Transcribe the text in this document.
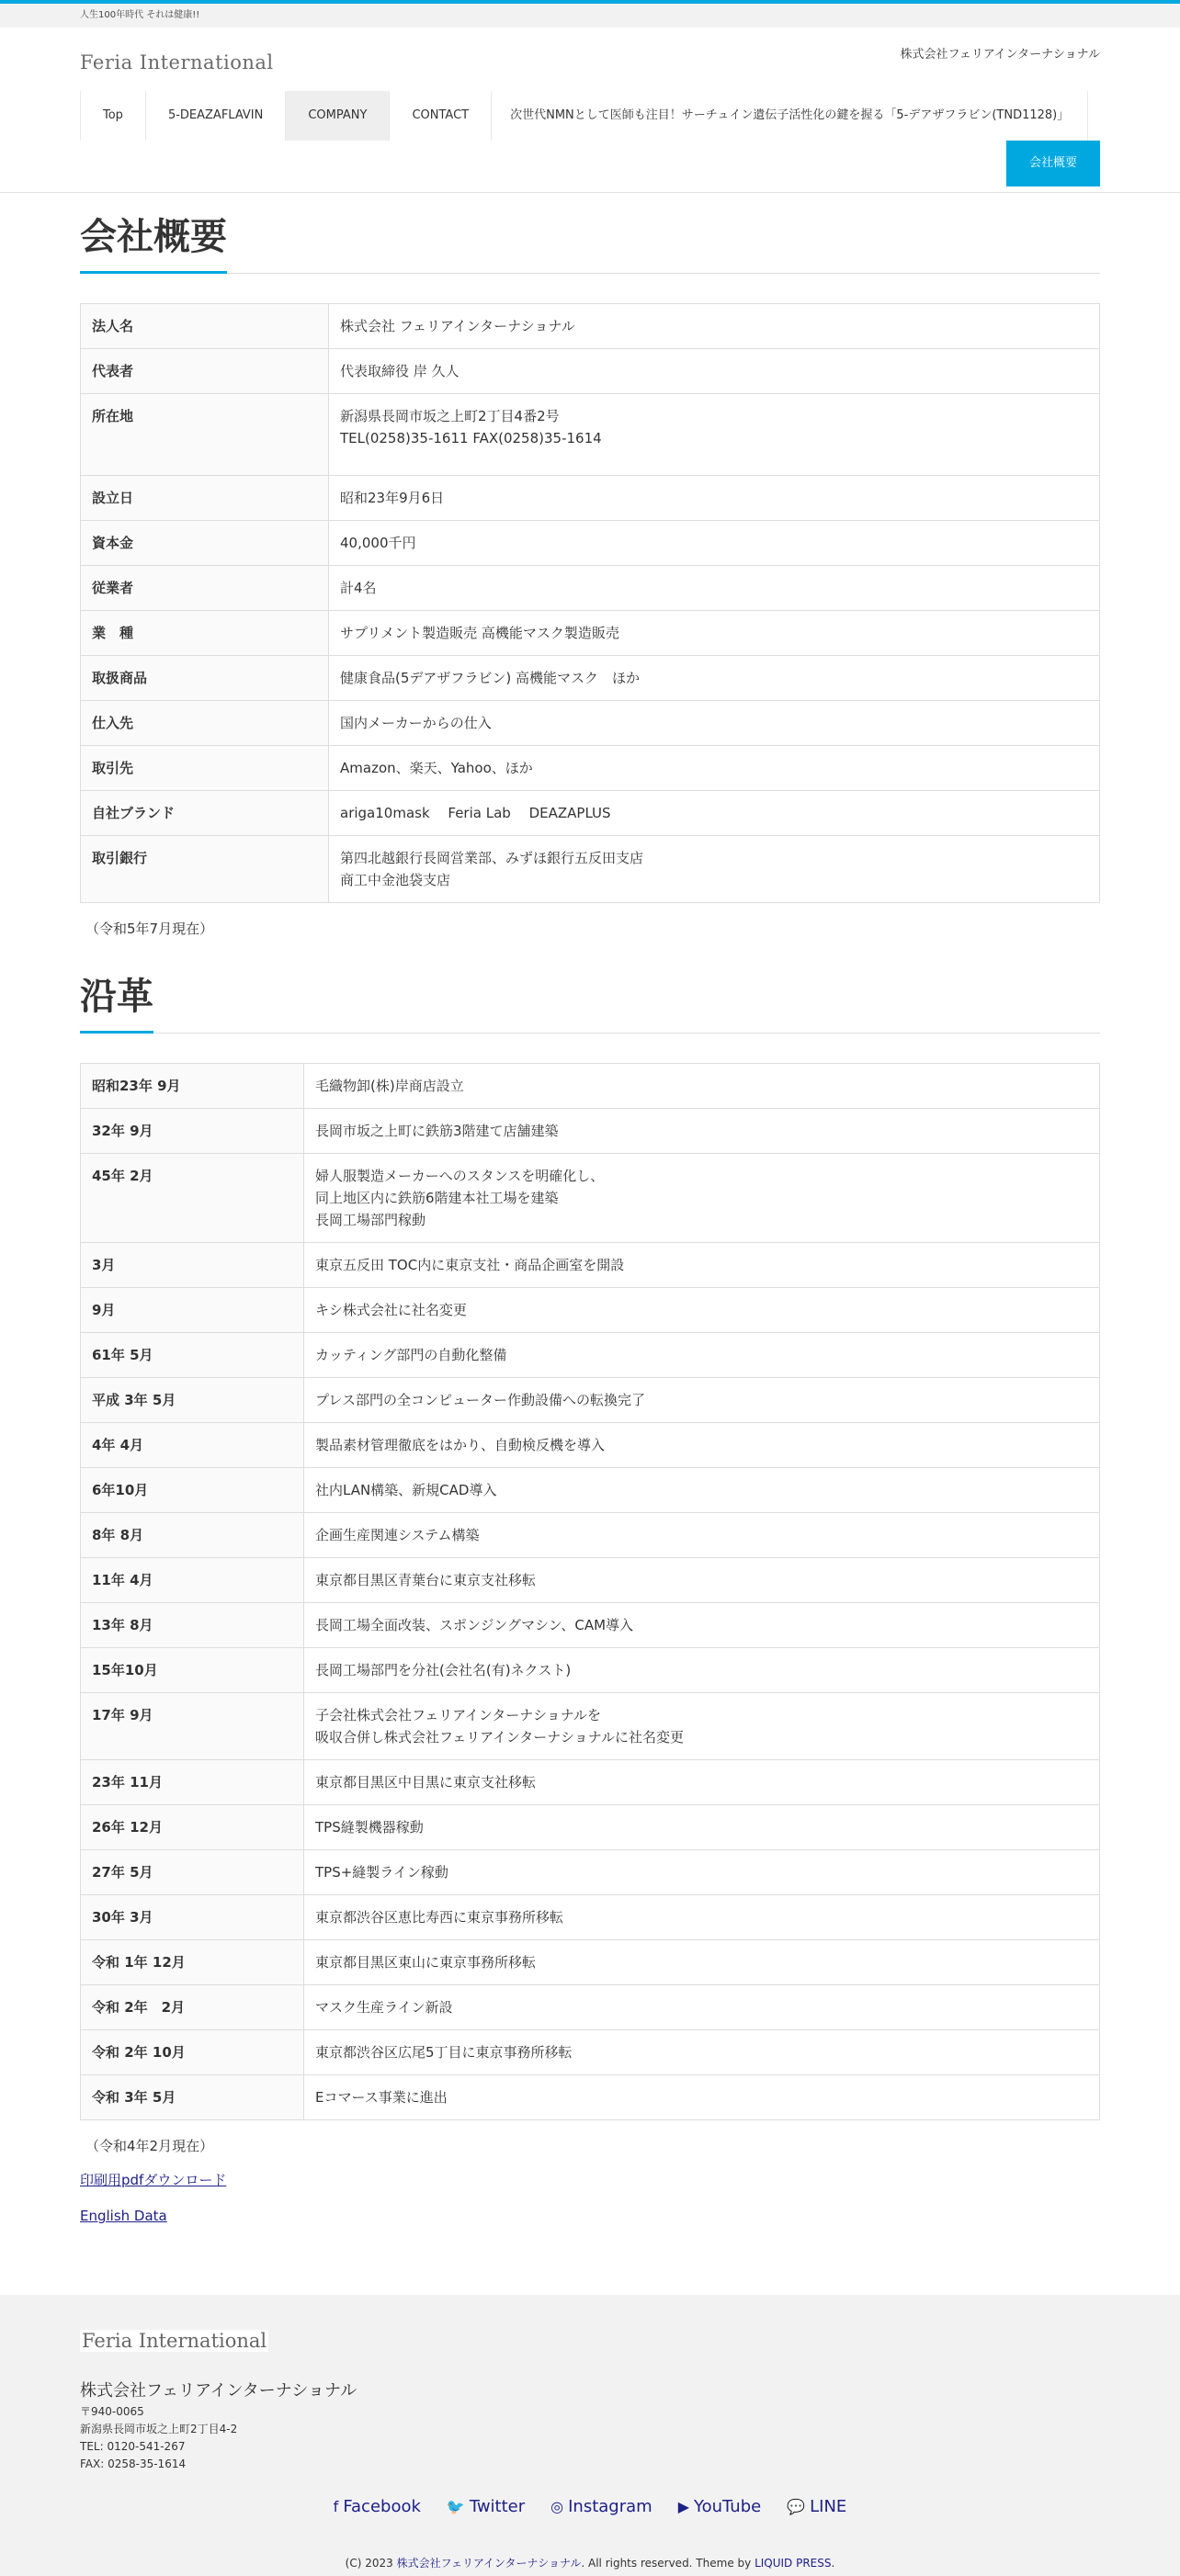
人生100年時代 それは健康!!
Feria International	株式会社フェリアインターナショナル
Top	5-DEAZAFLAVIN	COMPANY	CONTACT	次世代NMNとして医師も注目！サーチュイン遺伝子活性化の鍵を握る「5-デアザフラビン(TND1128)」
会社概要
会社概要
法人名	株式会社 フェリアインターナショナル

代表者	代表取締役 岸 久人

所在地	新潟県長岡市坂之上町2丁目4番2号
TEL(0258)35-1611 FAX(0258)35-1614

設立日	昭和23年9月6日

資本金	40,000千円

従業者	計4名

業　種	サプリメント製造販売 高機能マスク製造販売

取扱商品	健康食品(5デアザフラビン) 高機能マスク　ほか

仕入先	国内メーカーからの仕入

取引先	Amazon、楽天、Yahoo、ほか

自社ブランド	ariga10mask　 Feria Lab　 DEAZAPLUS

取引銀行	第四北越銀行長岡営業部、みずほ銀行五反田支店
商工中金池袋支店
（令和5年7月現在）
沿革
昭和23年 9月	毛織物卸(株)岸商店設立

32年 9月	長岡市坂之上町に鉄筋3階建て店舗建築

45年 2月	婦人服製造メーカーへのスタンスを明確化し、
同上地区内に鉄筋6階建本社工場を建築
長岡工場部門稼動

3月	東京五反田 TOC内に東京支社・商品企画室を開設

9月	キシ株式会社に社名変更

61年 5月	カッティング部門の自動化整備

平成 3年 5月	プレス部門の全コンピューター作動設備への転換完了

4年 4月	製品素材管理徹底をはかり、自動検反機を導入

6年10月	社内LAN構築、新規CAD導入

8年 8月	企画生産関連システム構築

11年 4月	東京都目黒区青葉台に東京支社移転

13年 8月	長岡工場全面改装、スポンジングマシン、CAM導入

15年10月	長岡工場部門を分社(会社名(有)ネクスト)

17年 9月	子会社株式会社フェリアインターナショナルを
吸収合併し株式会社フェリアインターナショナルに社名変更

23年 11月	東京都目黒区中目黒に東京支社移転

26年 12月	TPS縫製機器稼動

27年 5月	TPS+縫製ライン稼動

30年 3月	東京都渋谷区恵比寿西に東京事務所移転

令和 1年 12月	東京都目黒区東山に東京事務所移転

令和 2年　2月	マスク生産ライン新設

令和 2年 10月	東京都渋谷区広尾5丁目に東京事務所移転

令和 3年 5月	Eコマース事業に進出
（令和4年2月現在）
印刷用pdfダウンロード
English Data
Feria International
株式会社フェリアインターナショナル
〒940-0065
新潟県長岡市坂之上町2丁目4-2
TEL: 0120-541-267
FAX: 0258-35-1614
f Facebook 🐦 Twitter ◎ Instagram ▶ YouTube 💬 LINE
(C) 2023 株式会社フェリアインターナショナル. All rights reserved. Theme by LIQUID PRESS.
